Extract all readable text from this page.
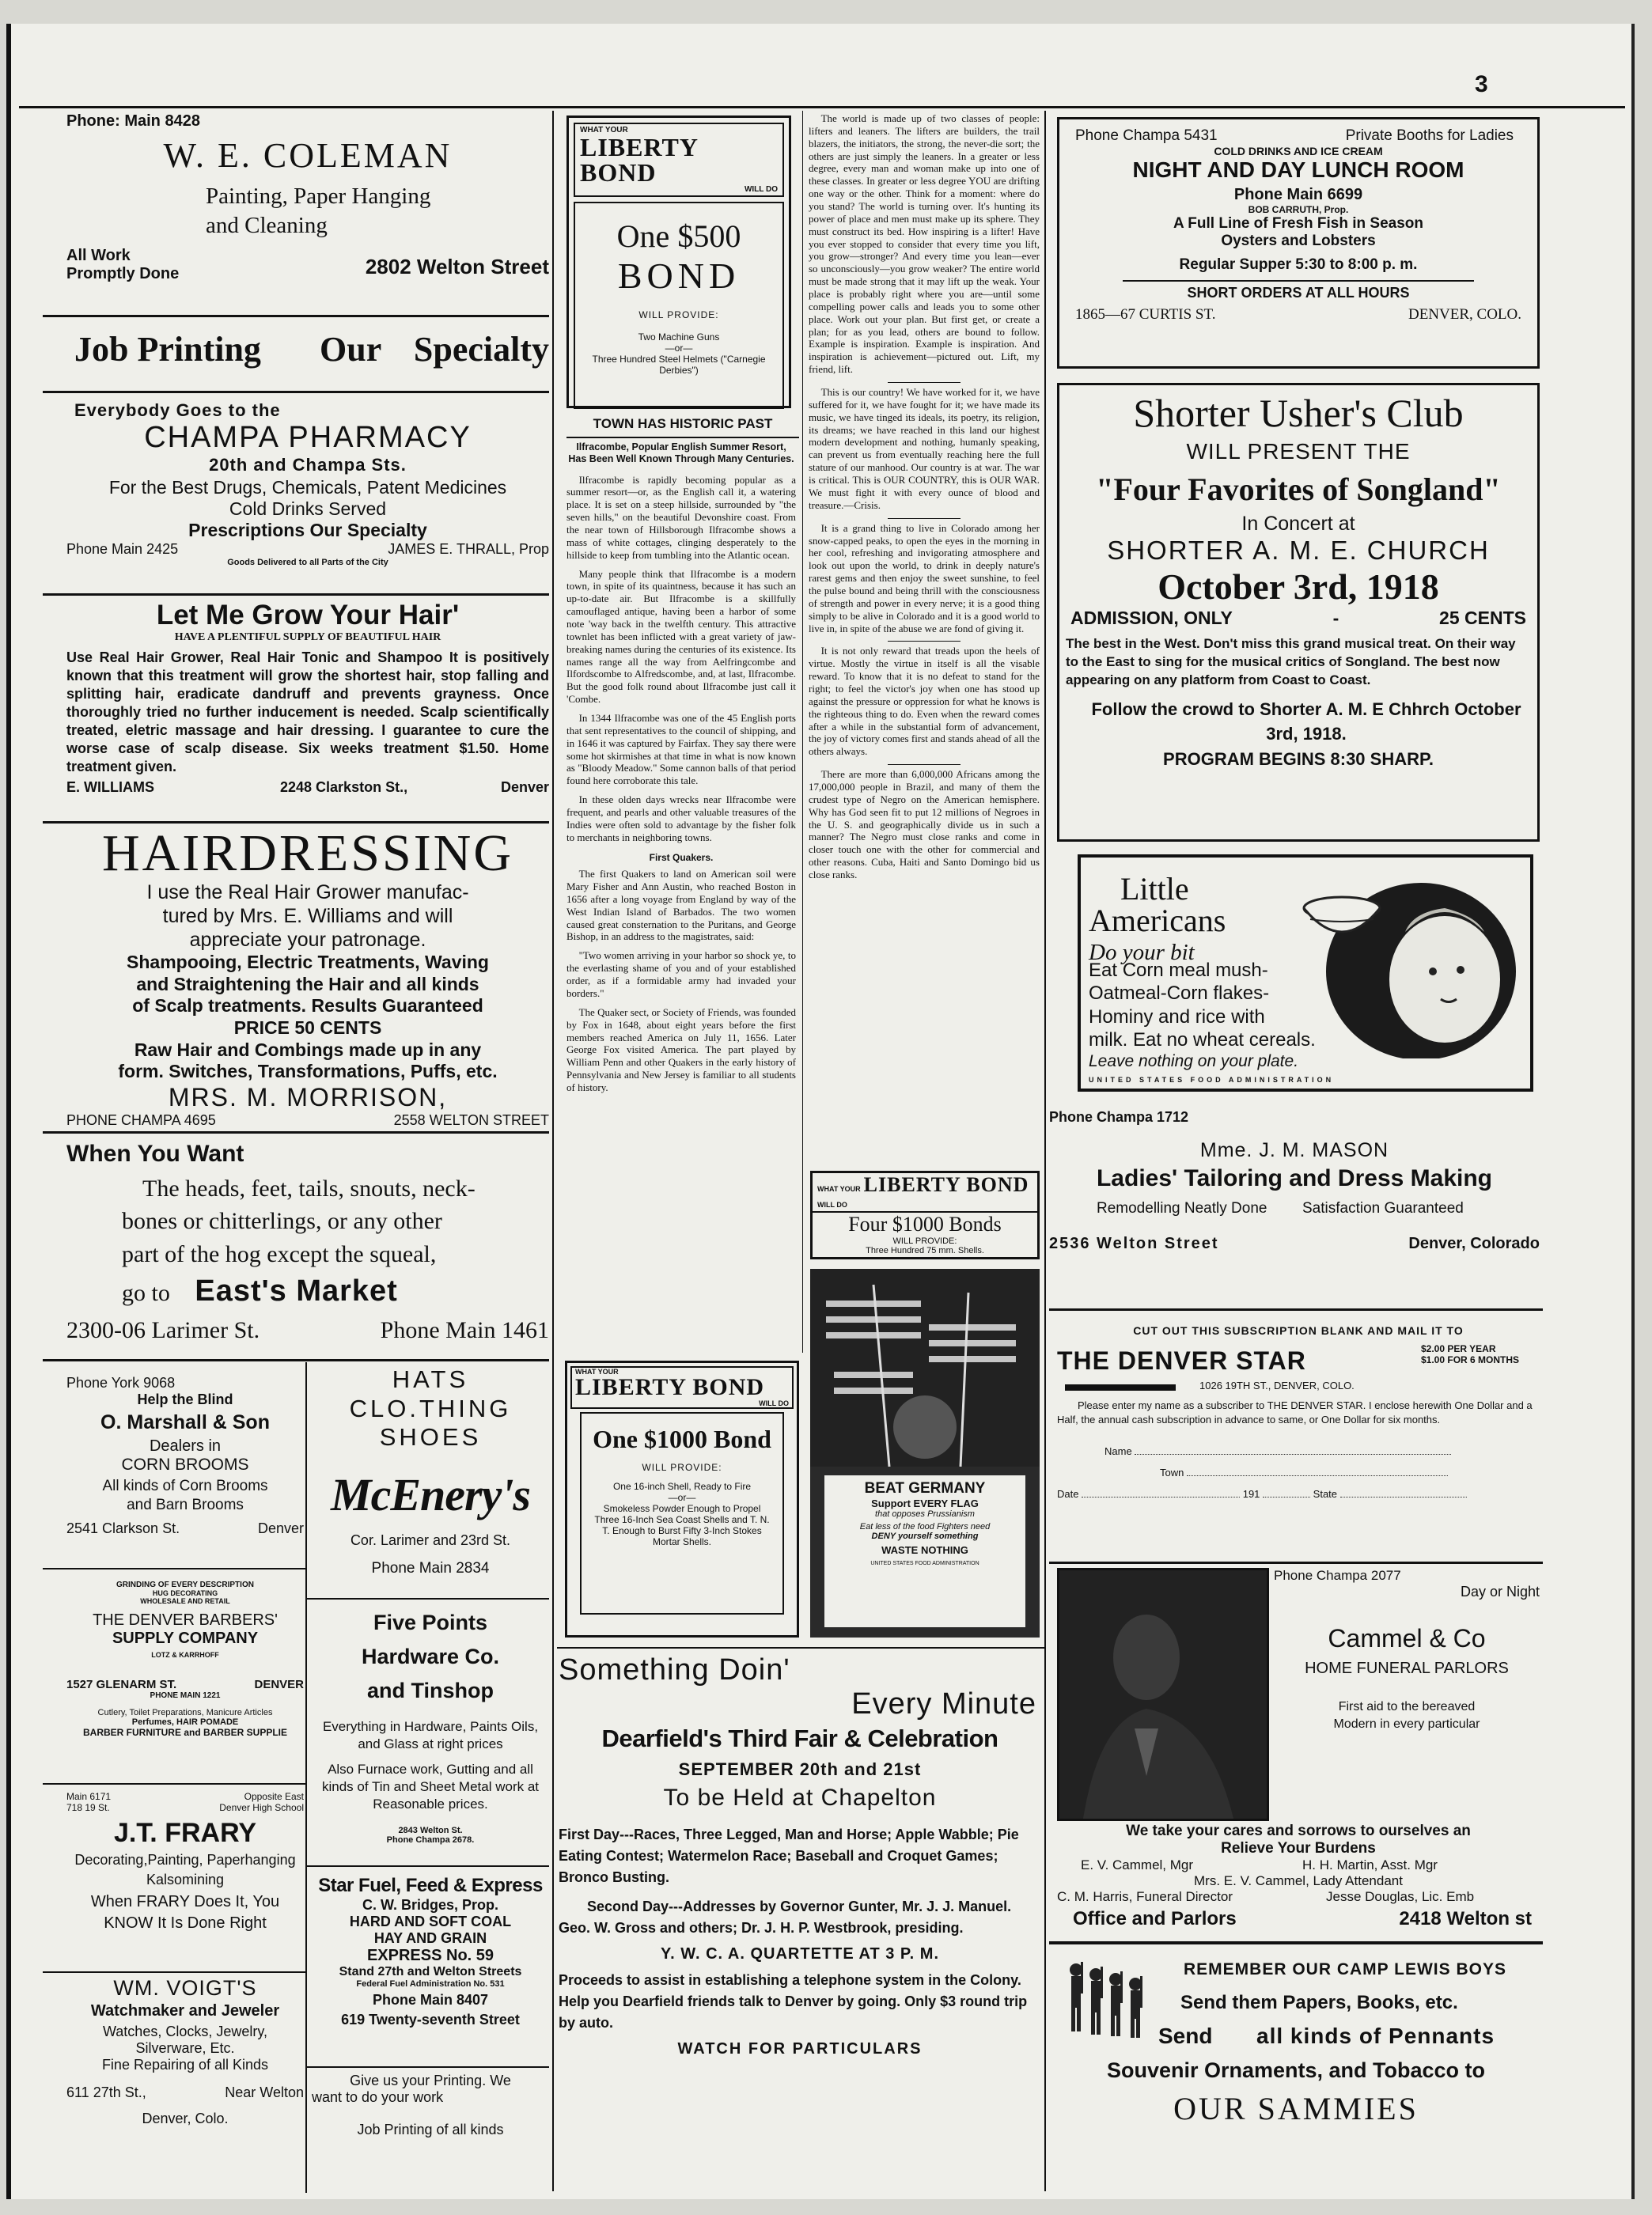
3
Phone: Main 8428
W. E. COLEMAN
Painting, Paper Hanging
and Cleaning
All Work
Promptly Done	2802 Welton Street
Job Printing Our Specialty
Everybody Goes to the
CHAMPA PHARMACY
20th and Champa Sts.
For the Best Drugs, Chemicals, Patent Medicines
Cold Drinks Served
Prescriptions Our Specialty
Phone Main 2425	JAMES E. THRALL, Prop
Goods Delivered to all Parts of the City
Let Me Grow Your Hair'
HAVE A PLENTIFUL SUPPLY OF BEAUTIFUL HAIR
Use Real Hair Grower, Real Hair Tonic and Shampoo It is positively known that this treatment will grow the shortest hair, stop falling and splitting hair, eradicate dandruff and prevents grayness. Once thoroughly tried no further inducement is needed. Scalp scientifically treated, eletric massage and hair dressing. I guarantee to cure the worse case of scalp disease. Six weeks treatment $1.50. Home treatment given.
E. WILLIAMS	2248 Clarkston St.,	Denver
HAIRDRESSING
I use the Real Hair Grower manufac-
tured by Mrs. E. Williams and will
appreciate your patronage.
Shampooing, Electric Treatments, Waving
and Straightening the Hair and all kinds
of Scalp treatments. Results Guaranteed
PRICE 50 CENTS
Raw Hair and Combings made up in any
form. Switches, Transformations, Puffs, etc.
MRS. M. MORRISON,
PHONE CHAMPA 4695	2558 WELTON STREET
When You Want
The heads, feet, tails, snouts, neck-
bones or chitterlings, or any other
part of the hog except the squeal,
go to East's Market
2300-06 Larimer St.	Phone Main 1461
Phone York 9068
Help the Blind
O. Marshall & Son
Dealers in
CORN BROOMS
All kinds of Corn Brooms
and Barn Brooms
2541 Clarkson St.	Denver
HATS
CLO.THING
SHOES
McEnery's
Cor. Larimer and 23rd St.
Phone Main 2834
GRINDING OF EVERY DESCRIPTION
HUG DECORATING
WHOLESALE AND RETAIL
THE DENVER BARBERS'
SUPPLY COMPANY
LOTZ & KARRHOFF
1527 GLENARM ST.	DENVER
PHONE MAIN 1221
Cutlery, Toilet Preparations, Manicure Articles
Perfumes, HAIR POMADE
BARBER FURNITURE and BARBER SUPPLIE
Five Points
Hardware Co.
and Tinshop
Everything in Hardware, Paints Oils, and Glass at right prices
Also Furnace work, Gutting and all kinds of Tin and Sheet Metal work at Reasonable prices.
2843 Welton St.
Phone Champa 2678.
Main 6171
718 19 St.
Opposite East
Denver High School
J.T. FRARY
Decorating,Painting, Paperhanging
Kalsomining
When FRARY Does It, You
KNOW It Is Done Right
Star Fuel, Feed & Express
C. W. Bridges, Prop.
HARD AND SOFT COAL
HAY AND GRAIN
EXPRESS No. 59
Stand 27th and Welton Streets
Federal Fuel Administration No. 531
Phone Main 8407
619 Twenty-seventh Street
WM. VOIGT'S
Watchmaker and Jeweler
Watches, Clocks, Jewelry,
Silverware, Etc.
Fine Repairing of all Kinds
611 27th St.,	Near Welton
Denver, Colo.
Give us your Printing. We
want to do your work
Job Printing of all kinds
WHAT YOUR
LIBERTY BOND
WILL DO
One $500
BOND
WILL PROVIDE:
Two Machine Guns
—or—
Three Hundred Steel Helmets ("Carnegie Derbies")
TOWN HAS HISTORIC PAST
Ilfracombe, Popular English Summer Resort, Has Been Well Known Through Many Centuries.

Ilfracombe is rapidly becoming popular as a summer resort—or, as the English call it, a watering place. It is set on a steep hillside, surrounded by "the seven hills," on the beautiful Devonshire coast. From the near town of Hillsborough Ilfracombe shows a mass of white cottages, clinging desperately to the hillside to keep from tumbling into the Atlantic ocean.

Many people think that Ilfracombe is a modern town, in spite of its quaintness, because it has such an up-to-date air. But Ilfracombe is a skillfully camouflaged antique, having been a harbor of some note 'way back in the twelfth century. This attractive townlet has been inflicted with a great variety of jaw-breaking names during the centuries of its existence. Its names range all the way from Aelfringcombe and Ilfordscombe to Alfredscombe, and, at last, Ilfracombe. But the good folk round about Ilfracombe just call it 'Combe.

In 1344 Ilfracombe was one of the 45 English ports that sent representatives to the council of shipping, and in 1646 it was captured by Fairfax. They say there were some hot skirmishes at that time in what is now known as "Bloody Meadow." Some cannon balls of that period found here corroborate this tale.

In these olden days wrecks near Ilfracombe were frequent, and pearls and other valuable treasures of the Indies were often sold to advantage by the fisher folk to merchants in neighboring towns.

First Quakers.

The first Quakers to land on American soil were Mary Fisher and Ann Austin, who reached Boston in 1656 after a long voyage from England by way of the West Indian Island of Barbados. The two women caused great consternation to the Puritans, and George Bishop, in an address to the magistrates, said:

"Two women arriving in your harbor so shock ye, to the everlasting shame of you and of your established order, as if a formidable army had invaded your borders."

The Quaker sect, or Society of Friends, was founded by Fox in 1648, about eight years before the first members reached America on July 11, 1656. Later George Fox visited America. The part played by William Penn and other Quakers in the early history of Pennsylvania and New Jersey is familiar to all students of history.

The world is made up of two classes of people: lifters and leaners. The lifters are builders, the trail blazers, the initiators, the strong, the never-die sort; the others are just simply the leaners. In a greater or less degree, every man and woman make up into one of these classes. In greater or less degree YOU are drifting one way or the other. Think for a moment: where do you stand? The world is turning over. It's hunting its power of place and men must make up its sphere. They must construct its bed. How inspiring is a lifter! Have you ever stopped to consider that every time you lift, you grow—stronger? And every time you lean—ever so unconsciously—you grow weaker? The entire world must be made strong that it may lift up the weak. Your place is probably right where you are—until some compelling power calls and leads you to some other place. Work out your plan. But first get, or create a plan; for as you lead, others are bound to follow. Example is inspiration. Example is inspiration. And inspiration is achievement—pictured out. Lift, my friend, lift.

This is our country! We have worked for it, we have suffered for it, we have fought for it; we have made its music, we have tinged its ideals, its poetry, its religion, its dreams; we have reached in this land our highest modern development and nothing, humanly speaking, can prevent us from eventually reaching here the full stature of our manhood. Our country is at war. The war is critical. This is OUR COUNTRY, this is OUR WAR. We must fight it with every ounce of blood and treasure.—Crisis.

It is a grand thing to live in Colorado among her snow-capped peaks, to open the eyes in the morning in her cool, refreshing and invigorating atmosphere and look out upon the world, to drink in deeply nature's rarest gems and then enjoy the sweet sunshine, to feel the pulse bound and being thrill with the consciousness of strength and power in every nerve; it is a good thing simply to be alive in Colorado and it is a good world to live in, in spite of the abuse we are fond of giving it.

It is not only reward that treads upon the heels of virtue. Mostly the virtue in itself is all the visable reward. To know that it is no defeat to stand for the right; to feel the victor's joy when one has stood up against the pressure or oppression for what he knows is the righteous thing to do. Even when the reward comes after a while in the substantial form of advancement, the joy of victory comes first and stands ahead of all the others always.

There are more than 6,000,000 Africans among the 17,000,000 people in Brazil, and many of them the crudest type of Negro on the American hemisphere. Why has God seen fit to put 12 millions of Negroes in the U. S. and geographically divide us in such a manner? The Negro must close ranks and come in closer touch one with the other for commercial and other reasons. Cuba, Haiti and Santo Domingo bid us close ranks.

WHAT YOUR LIBERTY BOND WILL DO
Four $1000 Bonds
WILL PROVIDE:
Three Hundred 75 mm. Shells.
WHAT YOUR
LIBERTY BOND
WILL DO
One $1000 Bond
WILL PROVIDE:
One 16-inch Shell, Ready to Fire
—or—
Smokeless Powder Enough to Propel Three 16-Inch Sea Coast Shells and T. N. T. Enough to Burst Fifty 3-Inch Stokes Mortar Shells.
BEAT GERMANY
Support EVERY FLAG
that opposes Prussianism
Eat less of the food Fighters need
DENY yourself something
WASTE NOTHING
UNITED STATES FOOD ADMINISTRATION
Something Doin'
Every Minute
Dearfield's Third Fair & Celebration
SEPTEMBER 20th and 21st
To be Held at Chapelton
First Day---Races, Three Legged, Man and Horse; Apple Wabble; Pie Eating Contest; Watermelon Race; Baseball and Croquet Games; Bronco Busting.
Second Day---Addresses by Governor Gunter, Mr. J. J. Manuel. Geo. W. Gross and others; Dr. J. H. P. Westbrook, presiding.
Y. W. C. A. QUARTETTE AT 3 P. M.
Proceeds to assist in establishing a telephone system in the Colony. Help you Dearfield friends talk to Denver by going. Only $3 round trip by auto.
WATCH FOR PARTICULARS
Phone Champa 5431	Private Booths for Ladies
COLD DRINKS AND ICE CREAM
NIGHT AND DAY LUNCH ROOM
Phone Main 6699
BOB CARRUTH, Prop.
A Full Line of Fresh Fish in Season
Oysters and Lobsters
Regular Supper 5:30 to 8:00 p. m.
SHORT ORDERS AT ALL HOURS
1865—67 CURTIS ST.	DENVER, COLO.
Shorter Usher's Club
WILL PRESENT THE
"Four Favorites of Songland"
In Concert at
SHORTER A. M. E. CHURCH
October 3rd, 1918
ADMISSION, ONLY	-	25 CENTS
The best in the West. Don't miss this grand musical treat. On their way to the East to sing for the musical critics of Songland. The best now appearing on any platform from Coast to Coast.
Follow the crowd to Shorter A. M. E Chhrch October 3rd, 1918.
PROGRAM BEGINS 8:30 SHARP.
Little
Americans
Do your bit
Eat Corn meal mush-
Oatmeal-Corn flakes-
Hominy and rice with
milk. Eat no wheat cereals.
Leave nothing on your plate.
UNITED STATES FOOD ADMINISTRATION
Phone Champa 1712
Mme. J. M. MASON
Ladies' Tailoring and Dress Making
Remodelling Neatly Done Satisfaction Guaranteed
2536 Welton Street	Denver, Colorado
CUT OUT THIS SUBSCRIPTION BLANK AND MAIL IT TO
THE DENVER STAR	$2.00 PER YEAR
$1.00 FOR 6 MONTHS
1026 19TH ST., DENVER, COLO.
Please enter my name as a subscriber to THE DENVER STAR. I enclose herewith One Dollar and a Half, the annual cash subscription in advance to same, or One Dollar for six months.
Name
Town
Date	191	State
Phone Champa 2077
Day or Night
Cammel & Co
HOME FUNERAL PARLORS
First aid to the bereaved
Modern in every particular
We take your cares and sorrows to ourselves an
Relieve Your Burdens
E. V. Cammel, Mgr	H. H. Martin, Asst. Mgr
Mrs. E. V. Cammel, Lady Attendant
C. M. Harris, Funeral Director	Jesse Douglas, Lic. Emb
Office and Parlors	2418 Welton st
REMEMBER OUR CAMP LEWIS BOYS
Send them Papers, Books, etc.
Send all kinds of Pennants
Souvenir Ornaments, and Tobacco to
OUR SAMMIES
